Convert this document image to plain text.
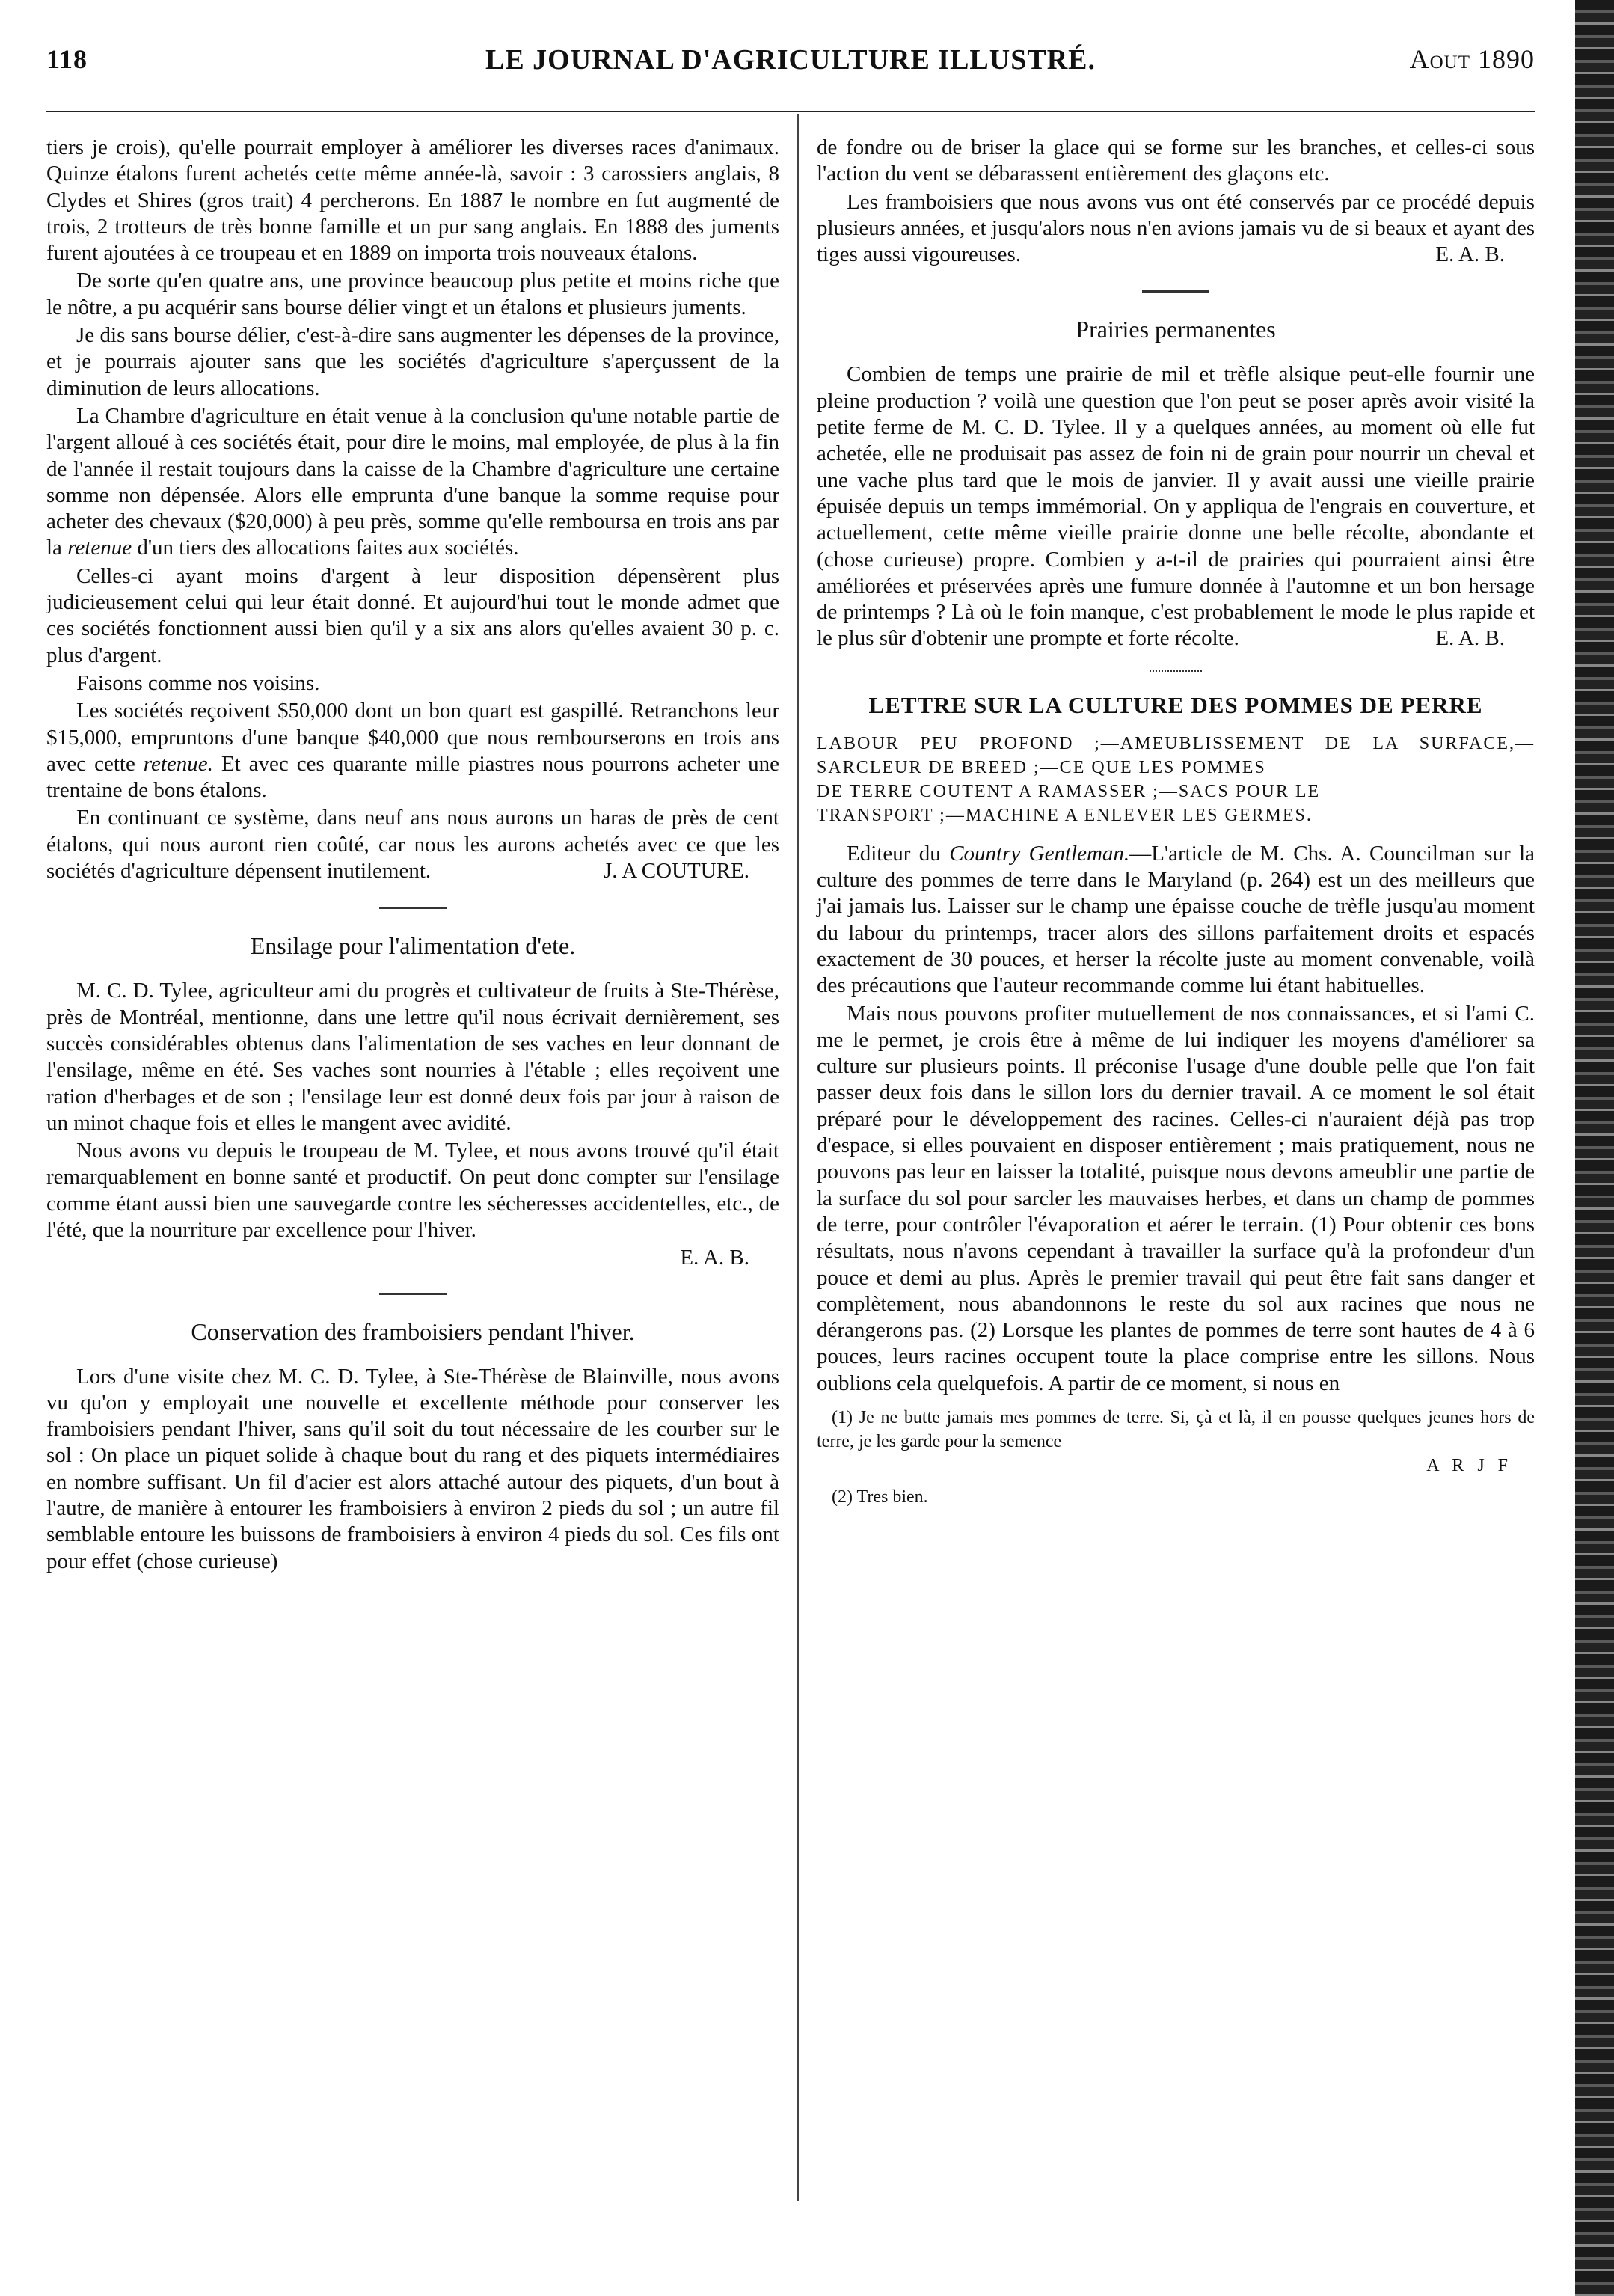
118	LE JOURNAL D'AGRICULTURE ILLUSTRÉ.	Aout 1890

tiers je crois), qu'elle pourrait employer à améliorer les diverses races d'animaux. Quinze étalons furent achetés cette même année-là, savoir : 3 carossiers anglais, 8 Clydes et Shires (gros trait) 4 percherons. En 1887 le nombre en fut augmenté de trois, 2 trotteurs de très bonne famille et un pur sang anglais. En 1888 des juments furent ajoutées à ce troupeau et en 1889 on importa trois nouveaux étalons.

De sorte qu'en quatre ans, une province beaucoup plus petite et moins riche que le nôtre, a pu acquérir sans bourse délier vingt et un étalons et plusieurs juments.

Je dis sans bourse délier, c'est-à-dire sans augmenter les dépenses de la province, et je pourrais ajouter sans que les sociétés d'agriculture s'aperçussent de la diminution de leurs allocations.

La Chambre d'agriculture en était venue à la conclusion qu'une notable partie de l'argent alloué à ces sociétés était, pour dire le moins, mal employée, de plus à la fin de l'année il restait toujours dans la caisse de la Chambre d'agriculture une certaine somme non dépensée. Alors elle emprunta d'une banque la somme requise pour acheter des chevaux ($20,000) à peu près, somme qu'elle remboursa en trois ans par la retenue d'un tiers des allocations faites aux sociétés.

Celles-ci ayant moins d'argent à leur disposition dépensèrent plus judicieusement celui qui leur était donné. Et aujourd'hui tout le monde admet que ces sociétés fonctionnent aussi bien qu'il y a six ans alors qu'elles avaient 30 p. c. plus d'argent.

Faisons comme nos voisins.

Les sociétés reçoivent $50,000 dont un bon quart est gaspillé. Retranchons leur $15,000, empruntons d'une banque $40,000 que nous rembourserons en trois ans avec cette retenue. Et avec ces quarante mille piastres nous pourrons acheter une trentaine de bons étalons.

En continuant ce système, dans neuf ans nous aurons un haras de près de cent étalons, qui nous auront rien coûté, car nous les aurons achetés avec ce que les sociétés d'agriculture dépensent inutilement.	J. A COUTURE.

Ensilage pour l'alimentation d'ete.

M. C. D. Tylee, agriculteur ami du progrès et cultivateur de fruits à Ste-Thérèse, près de Montréal, mentionne, dans une lettre qu'il nous écrivait dernièrement, ses succès considérables obtenus dans l'alimentation de ses vaches en leur donnant de l'ensilage, même en été. Ses vaches sont nourries à l'étable ; elles reçoivent une ration d'herbages et de son ; l'ensilage leur est donné deux fois par jour à raison de un minot chaque fois et elles le mangent avec avidité.

Nous avons vu depuis le troupeau de M. Tylee, et nous avons trouvé qu'il était remarquablement en bonne santé et productif. On peut donc compter sur l'ensilage comme étant aussi bien une sauvegarde contre les sécheresses accidentelles, etc., de l'été, que la nourriture par excellence pour l'hiver.

E. A. B.

Conservation des framboisiers pendant l'hiver.

Lors d'une visite chez M. C. D. Tylee, à Ste-Thérèse de Blainville, nous avons vu qu'on y employait une nouvelle et excellente méthode pour conserver les framboisiers pendant l'hiver, sans qu'il soit du tout nécessaire de les courber sur le sol : On place un piquet solide à chaque bout du rang et des piquets intermédiaires en nombre suffisant. Un fil d'acier est alors attaché autour des piquets, d'un bout à l'autre, de manière à entourer les framboisiers à environ 2 pieds du sol ; un autre fil semblable entoure les buissons de framboisiers à environ 4 pieds du sol. Ces fils ont pour effet (chose curieuse)

de fondre ou de briser la glace qui se forme sur les branches, et celles-ci sous l'action du vent se débarassent entièrement des glaçons etc.

Les framboisiers que nous avons vus ont été conservés par ce procédé depuis plusieurs années, et jusqu'alors nous n'en avions jamais vu de si beaux et ayant des tiges aussi vigoureuses.	E. A. B.

Prairies permanentes

Combien de temps une prairie de mil et trèfle alsique peut-elle fournir une pleine production ? voilà une question que l'on peut se poser après avoir visité la petite ferme de M. C. D. Tylee. Il y a quelques années, au moment où elle fut achetée, elle ne produisait pas assez de foin ni de grain pour nourrir un cheval et une vache plus tard que le mois de janvier. Il y avait aussi une vieille prairie épuisée depuis un temps immémorial. On y appliqua de l'engrais en couverture, et actuellement, cette même vieille prairie donne une belle récolte, abondante et (chose curieuse) propre. Combien y a-t-il de prairies qui pourraient ainsi être améliorées et préservées après une fumure donnée à l'automne et un bon hersage de printemps ? Là où le foin manque, c'est probablement le mode le plus rapide et le plus sûr d'obtenir une prompte et forte récolte.	E. A. B.

LETTRE SUR LA CULTURE DES POMMES DE PERRE
LABOUR PEU PROFOND ;—AMEUBLISSEMENT DE LA SURFACE,—SARCLEUR DE BREED ;—CE QUE LES POMMES
DE TERRE COUTENT A RAMASSER ;—SACS POUR LE
TRANSPORT ;—MACHINE A ENLEVER LES GERMES.

Editeur du Country Gentleman.—L'article de M. Chs. A. Councilman sur la culture des pommes de terre dans le Maryland (p. 264) est un des meilleurs que j'ai jamais lus. Laisser sur le champ une épaisse couche de trèfle jusqu'au moment du labour du printemps, tracer alors des sillons parfaitement droits et espacés exactement de 30 pouces, et herser la récolte juste au moment convenable, voilà des précautions que l'auteur recommande comme lui étant habituelles.

Mais nous pouvons profiter mutuellement de nos connaissances, et si l'ami C. me le permet, je crois être à même de lui indiquer les moyens d'améliorer sa culture sur plusieurs points. Il préconise l'usage d'une double pelle que l'on fait passer deux fois dans le sillon lors du dernier travail. A ce moment le sol était préparé pour le développement des racines. Celles-ci n'auraient déjà pas trop d'espace, si elles pouvaient en disposer entièrement ; mais pratiquement, nous ne pouvons pas leur en laisser la totalité, puisque nous devons ameublir une partie de la surface du sol pour sarcler les mauvaises herbes, et dans un champ de pommes de terre, pour contrôler l'évaporation et aérer le terrain. (1) Pour obtenir ces bons résultats, nous n'avons cependant à travailler la surface qu'à la profondeur d'un pouce et demi au plus. Après le premier travail qui peut être fait sans danger et complètement, nous abandonnons le reste du sol aux racines que nous ne dérangerons pas. (2) Lorsque les plantes de pommes de terre sont hautes de 4 à 6 pouces, leurs racines occupent toute la place comprise entre les sillons. Nous oublions cela quelquefois. A partir de ce moment, si nous en

(1) Je ne butte jamais mes pommes de terre. Si, çà et là, il en pousse quelques jeunes hors de terre, je les garde pour la semence

A R J F

(2) Tres bien.
